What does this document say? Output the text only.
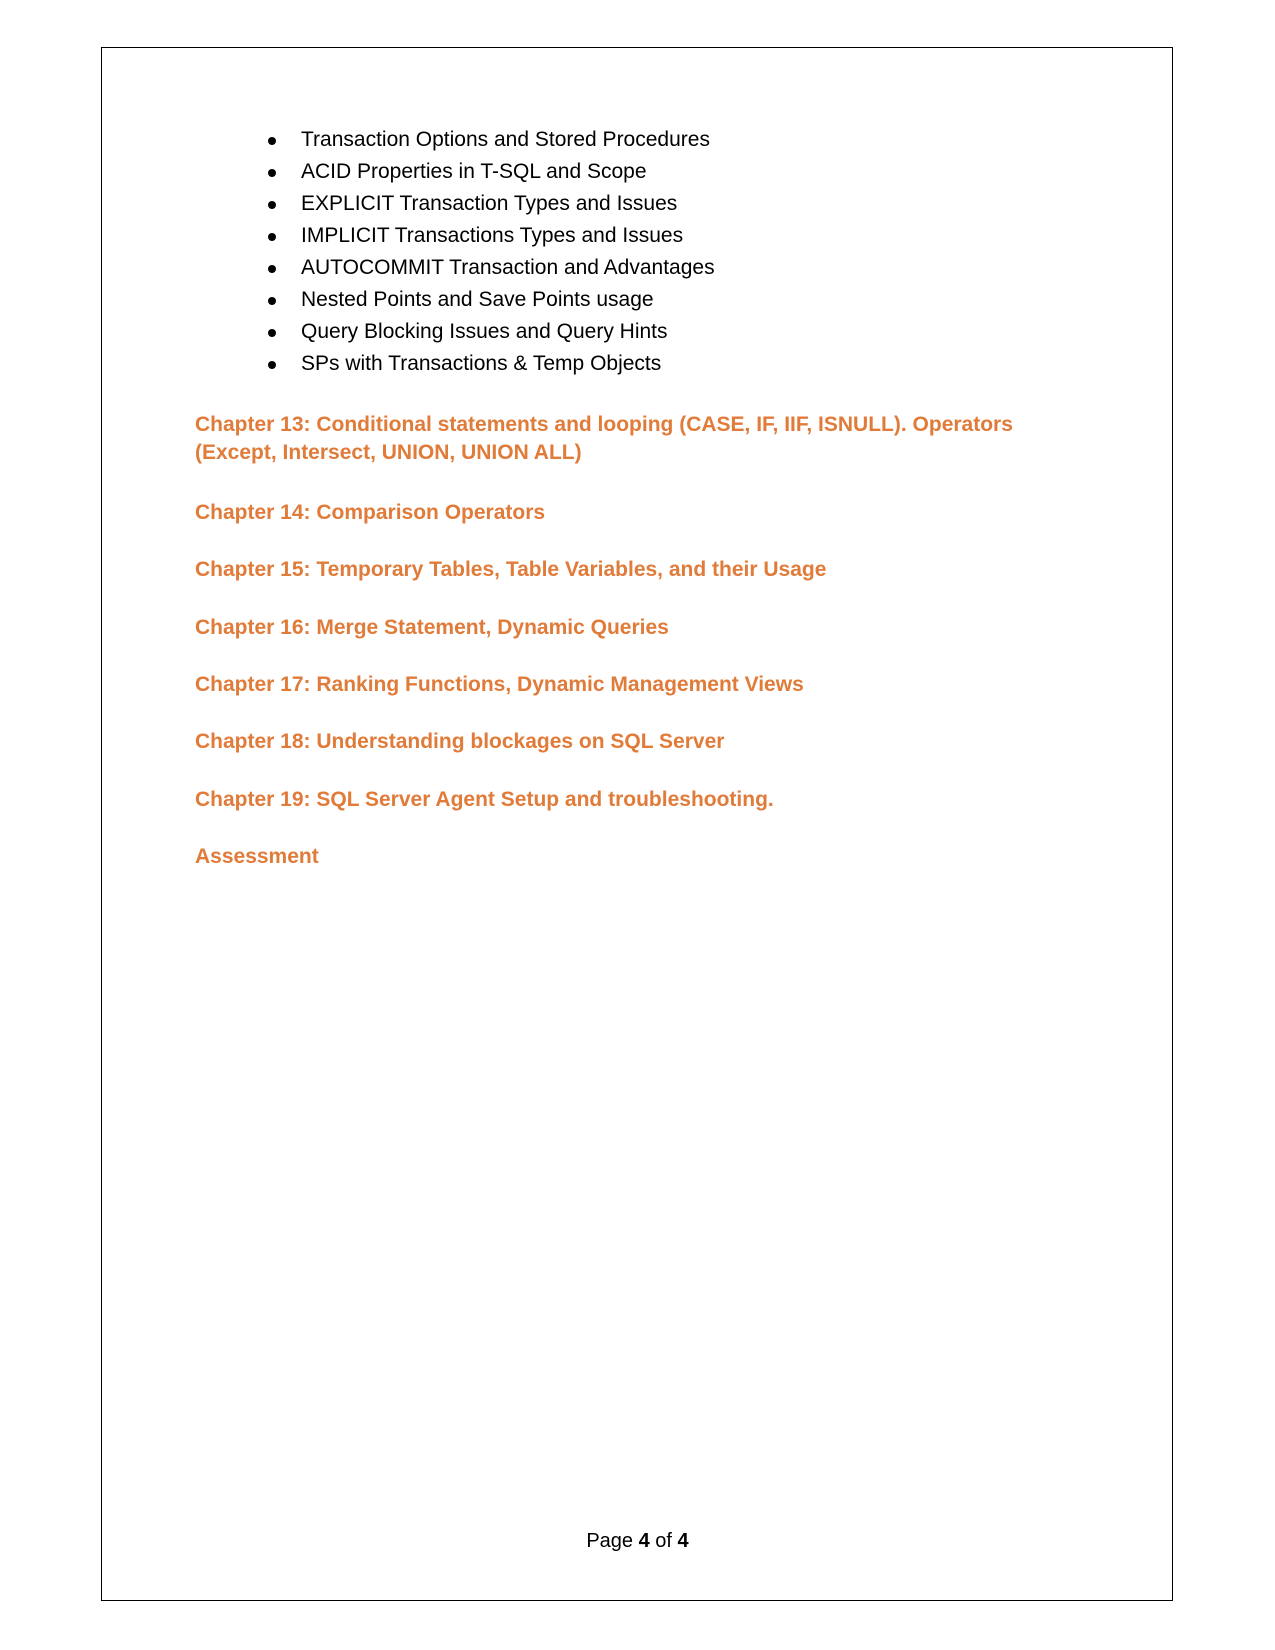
Transaction Options and Stored Procedures
ACID Properties in T-SQL and Scope
EXPLICIT Transaction Types and Issues
IMPLICIT Transactions Types and Issues
AUTOCOMMIT Transaction and Advantages
Nested Points and Save Points usage
Query Blocking Issues and Query Hints
SPs with Transactions & Temp Objects
Chapter 13: Conditional statements and looping (CASE, IF, IIF, ISNULL). Operators (Except, Intersect, UNION, UNION ALL)
Chapter 14: Comparison Operators
Chapter 15: Temporary Tables, Table Variables, and their Usage
Chapter 16: Merge Statement, Dynamic Queries
Chapter 17: Ranking Functions, Dynamic Management Views
Chapter 18: Understanding blockages on SQL Server
Chapter 19: SQL Server Agent Setup and troubleshooting.
Assessment
Page 4 of 4
